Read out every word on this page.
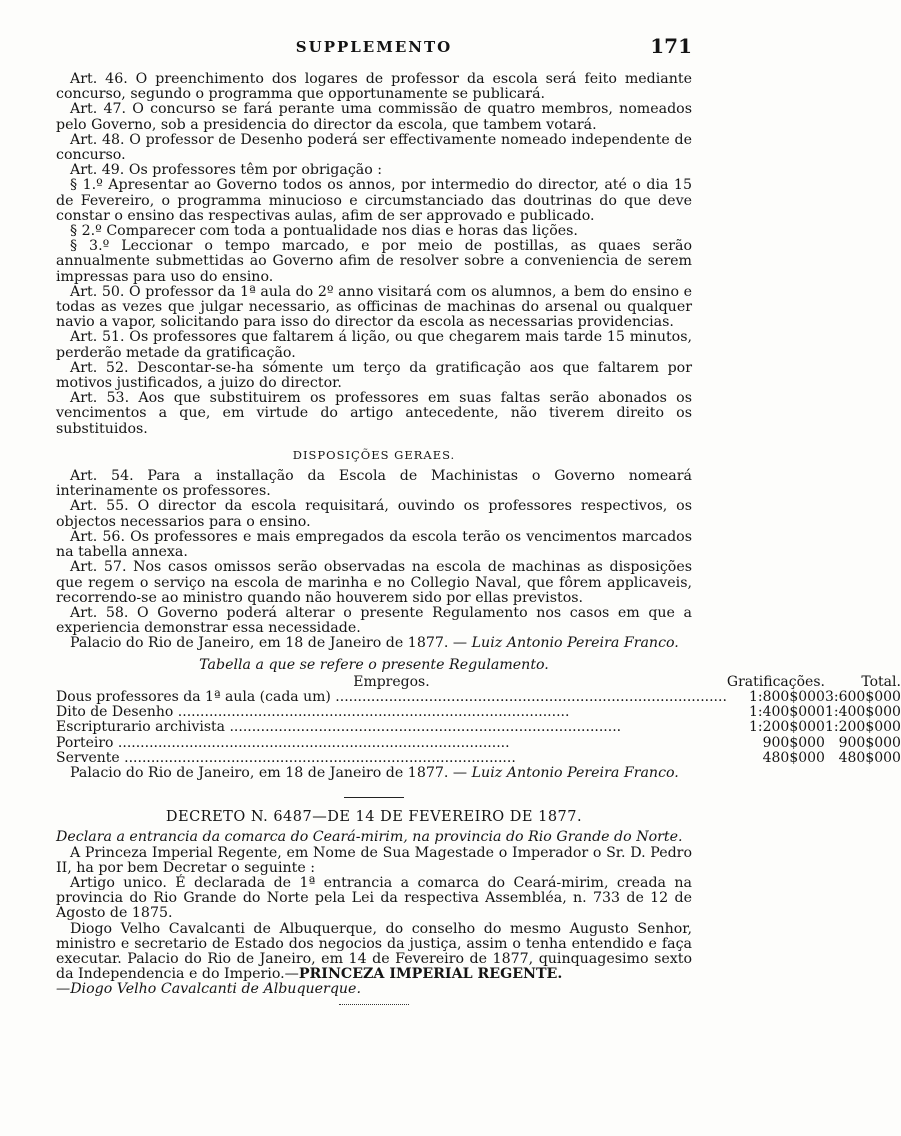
SUPPLEMENTO	171

Art. 46. O preenchimento dos logares de professor da escola será feito mediante concurso, segundo o programma que opportunamente se publicará.

Art. 47. O concurso se fará perante uma commissão de quatro membros, nomeados pelo Governo, sob a presidencia do director da escola, que tambem votará.

Art. 48. O professor de Desenho poderá ser effectivamente nomeado independente de concurso.

Art. 49. Os professores têm por obrigação :

§ 1.º Apresentar ao Governo todos os annos, por intermedio do director, até o dia 15 de Fevereiro, o programma minucioso e circumstanciado das doutrinas do que deve constar o ensino das respectivas aulas, afim de ser approvado e publicado.

§ 2.º Comparecer com toda a pontualidade nos dias e horas das lições.

§ 3.º Leccionar o tempo marcado, e por meio de postillas, as quaes serão annualmente submettidas ao Governo afim de resolver sobre a conveniencia de serem impressas para uso do ensino.

Art. 50. O professor da 1ª aula do 2º anno visitará com os alumnos, a bem do ensino e todas as vezes que julgar necessario, as officinas de machinas do arsenal ou qualquer navio a vapor, solicitando para isso do director da escola as necessarias providencias.

Art. 51. Os professores que faltarem á lição, ou que chegarem mais tarde 15 minutos, perderão metade da gratificação.

Art. 52. Descontar-se-ha sómente um terço da gratificação aos que faltarem por motivos justificados, a juizo do director.

Art. 53. Aos que substituirem os professores em suas faltas serão abonados os vencimentos a que, em virtude do artigo antecedente, não tiverem direito os substituidos.

DISPOSIÇÕES GERAES.

Art. 54. Para a installação da Escola de Machinistas o Governo nomeará interinamente os professores.

Art. 55. O director da escola requisitará, ouvindo os professores respectivos, os objectos necessarios para o ensino.

Art. 56. Os professores e mais empregados da escola terão os vencimentos marcados na tabella annexa.

Art. 57. Nos casos omissos serão observadas na escola de machinas as disposições que regem o serviço na escola de marinha e no Collegio Naval, que fôrem applicaveis, recorrendo-se ao ministro quando não houverem sido por ellas previstos.

Art. 58. O Governo poderá alterar o presente Regulamento nos casos em que a experiencia demonstrar essa necessidade.

Palacio do Rio de Janeiro, em 18 de Janeiro de 1877. — Luiz Antonio Pereira Franco.

Tabella a que se refere o presente Regulamento.
Empregos.	Gratificações.	Total.
Dous professores da 1ª aula (cada um) .....	1:800$000	3:600$000
Dito de Desenho .....	1:400$000	1:400$000
Escripturario archivista .....	1:200$000	1:200$000
Porteiro .....	900$000	900$000
Servente .....	480$000	480$000

Palacio do Rio de Janeiro, em 18 de Janeiro de 1877. — Luiz Antonio Pereira Franco.

DECRETO N. 6487—DE 14 DE FEVEREIRO DE 1877.

Declara a entrancia da comarca do Ceará-mirim, na provincia do Rio Grande do Norte.

A Princeza Imperial Regente, em Nome de Sua Magestade o Imperador o Sr. D. Pedro II, ha por bem Decretar o seguinte :

Artigo unico. É declarada de 1ª entrancia a comarca do Ceará-mirim, creada na provincia do Rio Grande do Norte pela Lei da respectiva Assembléa, n. 733 de 12 de Agosto de 1875.

Diogo Velho Cavalcanti de Albuquerque, do conselho do mesmo Augusto Senhor, ministro e secretario de Estado dos negocios da justiça, assim o tenha entendido e faça executar. Palacio do Rio de Janeiro, em 14 de Fevereiro de 1877, quinquagesimo sexto da Independencia e do Imperio.—PRINCEZA IMPERIAL REGENTE.

—Diogo Velho Cavalcanti de Albuquerque.
